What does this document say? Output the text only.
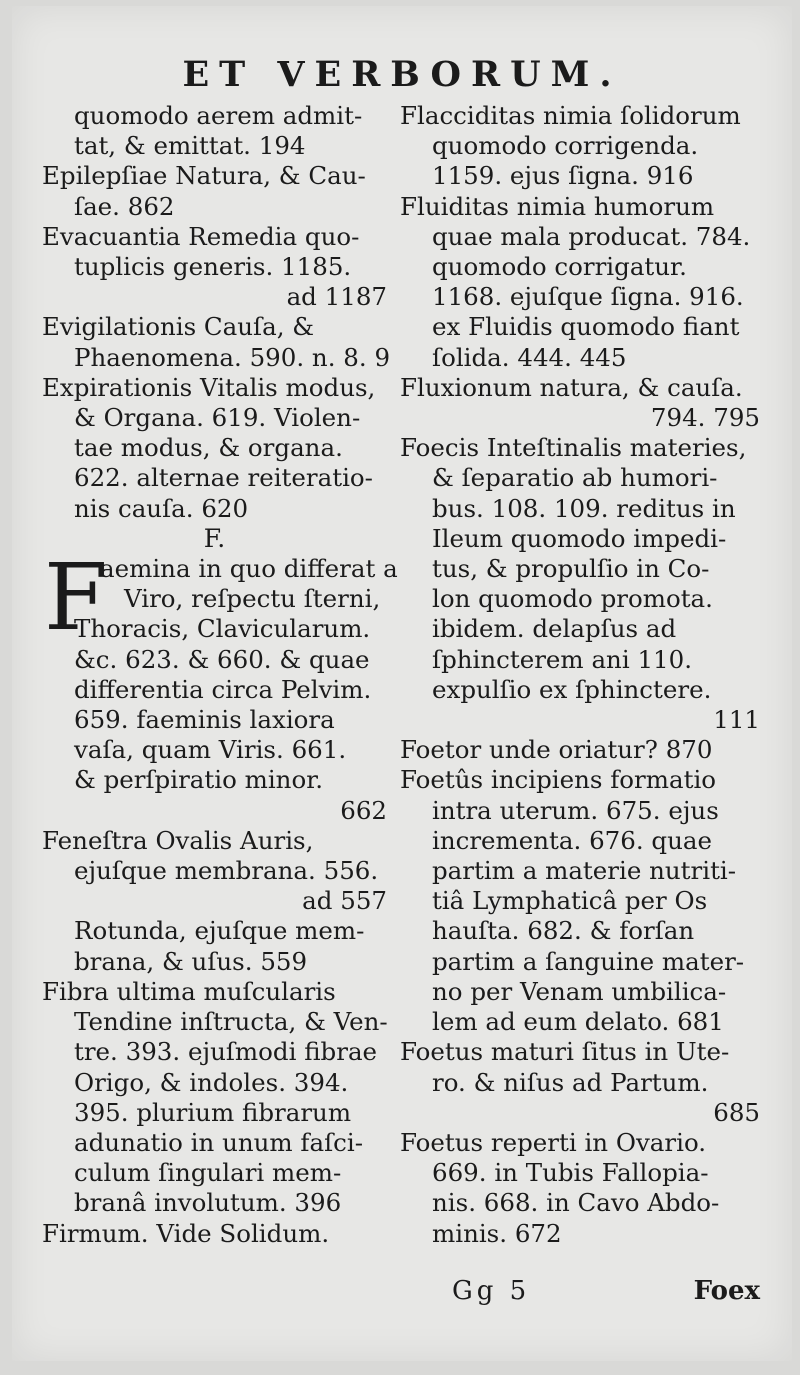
ET VERBORUM.
quomodo aerem admit-
tat, & emittat. 194
Epilepſiae Natura, & Cau-
ſae. 862
Evacuantia Remedia quo-
tuplicis generis. 1185.
ad 1187
Evigilationis Cauſa, &
Phaenomena. 590. n. 8. 9
Expirationis Vitalis modus,
& Organa. 619. Violen-
tae modus, & organa.
622. alternae reiteratio-
nis cauſa. 620
F.
F
aemina in quo differat a
Viro, reſpectu ſterni,
Thoracis, Clavicularum.
&c. 623. & 660. & quae
differentia circa Pelvim.
659. faeminis laxiora
vaſa, quam Viris. 661.
& perſpiratio minor.
662
Feneſtra Ovalis Auris,
ejuſque membrana. 556.
ad 557
Rotunda, ejuſque mem-
brana, & uſus. 559
Fibra ultima muſcularis
Tendine inſtructa, & Ven-
tre. 393. ejuſmodi fibrae
Origo, & indoles. 394.
395. plurium fibrarum
adunatio in unum faſci-
culum ſingulari mem-
branâ involutum. 396
Firmum. Vide Solidum.
Flacciditas nimia ſolidorum
quomodo corrigenda.
1159. ejus ſigna. 916
Fluiditas nimia humorum
quae mala producat. 784.
quomodo corrigatur.
1168. ejuſque ſigna. 916.
ex Fluidis quomodo fiant
ſolida. 444. 445
Fluxionum natura, & cauſa.
794. 795
Foecis Inteſtinalis materies,
& ſeparatio ab humori-
bus. 108. 109. reditus in
Ileum quomodo impedi-
tus, & propulſio in Co-
lon quomodo promota.
ibidem. delapſus ad
ſphincterem ani 110.
expulſio ex ſphinctere.
111
Foetor unde oriatur? 870
Foetûs incipiens formatio
intra uterum. 675. ejus
incrementa. 676. quae
partim a materie nutriti-
tiâ Lymphaticâ per Os
hauſta. 682. & forſan
partim a ſanguine mater-
no per Venam umbilica-
lem ad eum delato. 681
Foetus maturi ſitus in Ute-
ro. & niſus ad Partum.
685
Foetus reperti in Ovario.
669. in Tubis Fallopia-
nis. 668. in Cavo Abdo-
minis. 672
Gg 5	Foex
